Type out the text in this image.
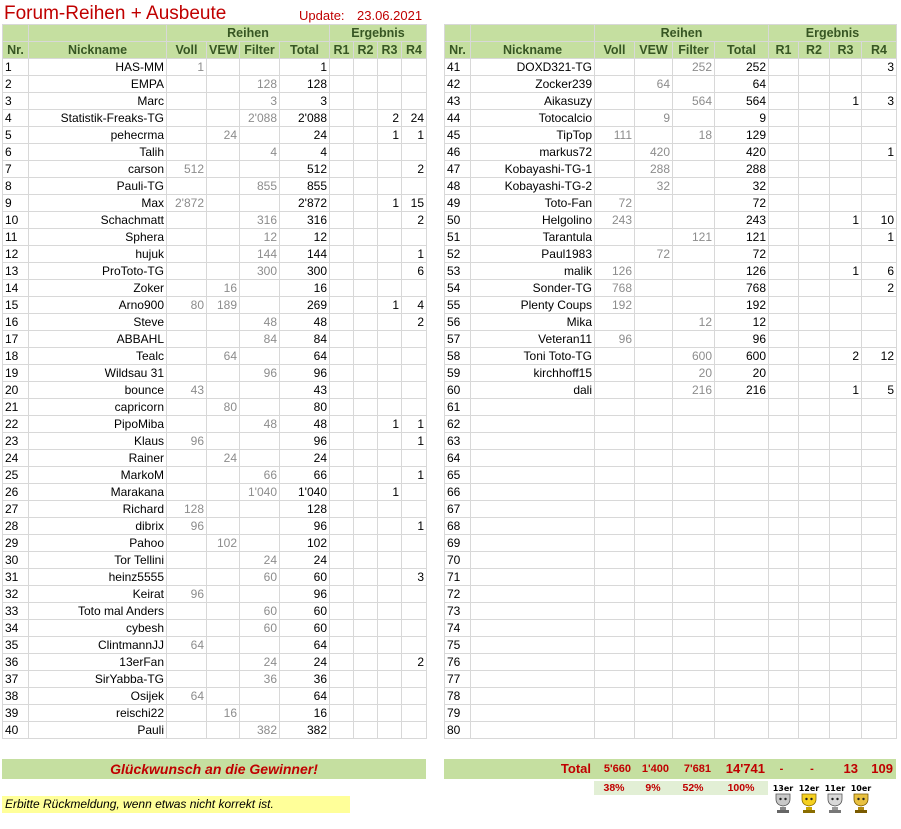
Forum-Reihen + Ausbeute	Update: 23.06.2021
		Reihen				Ergebnis			
Nr.	Nickname	Voll	VEW	Filter	Total	R1	R2	R3	R4
1	HAS-MM	1			1				
2	EMPA			128	128				
3	Marc			3	3				
4	Statistik-Freaks-TG			2'088	2'088			2	24
5	pehecrma		24		24			1	1
6	Talih			4	4				
7	carson	512			512				2
8	Pauli-TG			855	855				
9	Max	2'872			2'872			1	15
10	Schachmatt			316	316				2
11	Sphera			12	12				
12	hujuk			144	144				1
13	ProToto-TG			300	300				6
14	Zoker		16		16				
15	Arno900	80	189		269			1	4
16	Steve			48	48				2
17	ABBAHL			84	84				
18	Tealc		64		64				
19	Wildsau 31			96	96				
20	bounce	43			43				
21	capricorn		80		80				
22	PipoMiba			48	48			1	1
23	Klaus	96			96				1
24	Rainer		24		24				
25	MarkoM			66	66				1
26	Marakana			1'040	1'040			1	
27	Richard	128			128				
28	dibrix	96			96				1
29	Pahoo		102		102				
30	Tor Tellini			24	24				
31	heinz5555			60	60				3
32	Keirat	96			96				
33	Toto mal Anders			60	60				
34	cybesh			60	60				
35	ClintmannJJ	64			64				
36	13erFan			24	24				2
37	SirYabba-TG			36	36				
38	Osijek	64			64				
39	reischi22		16		16				
40	Pauli			382	382				
		Reihen				Ergebnis			
Nr.	Nickname	Voll	VEW	Filter	Total	R1	R2	R3	R4
41	DOXD321-TG			252	252				3
42	Zocker239		64		64				
43	Aikasuzy			564	564			1	3
44	Totocalcio		9		9				
45	TipTop	111		18	129				
46	markus72		420		420				1
47	Kobayashi-TG-1		288		288				
48	Kobayashi-TG-2		32		32				
49	Toto-Fan	72			72				
50	Helgolino	243			243			1	10
51	Tarantula			121	121				1
52	Paul1983		72		72				
53	malik	126			126			1	6
54	Sonder-TG	768			768				2
55	Plenty Coups	192			192				
56	Mika			12	12				
57	Veteran11	96			96				
58	Toni Toto-TG			600	600			2	12
59	kirchhoff15			20	20				
60	dali			216	216			1	5
61									
62									
63									
64									
65									
66									
67									
68									
69									
70									
71									
72									
73									
74									
75									
76									
77									
78									
79									
80									
Glückwunsch an die Gewinner!	Total	5'660 1'400	7'681	14'741	-	-	13	109
38%	9%	52%	100%
Erbitte Rückmeldung, wenn etwas nicht korrekt ist.
13er 12er 11er 10er
